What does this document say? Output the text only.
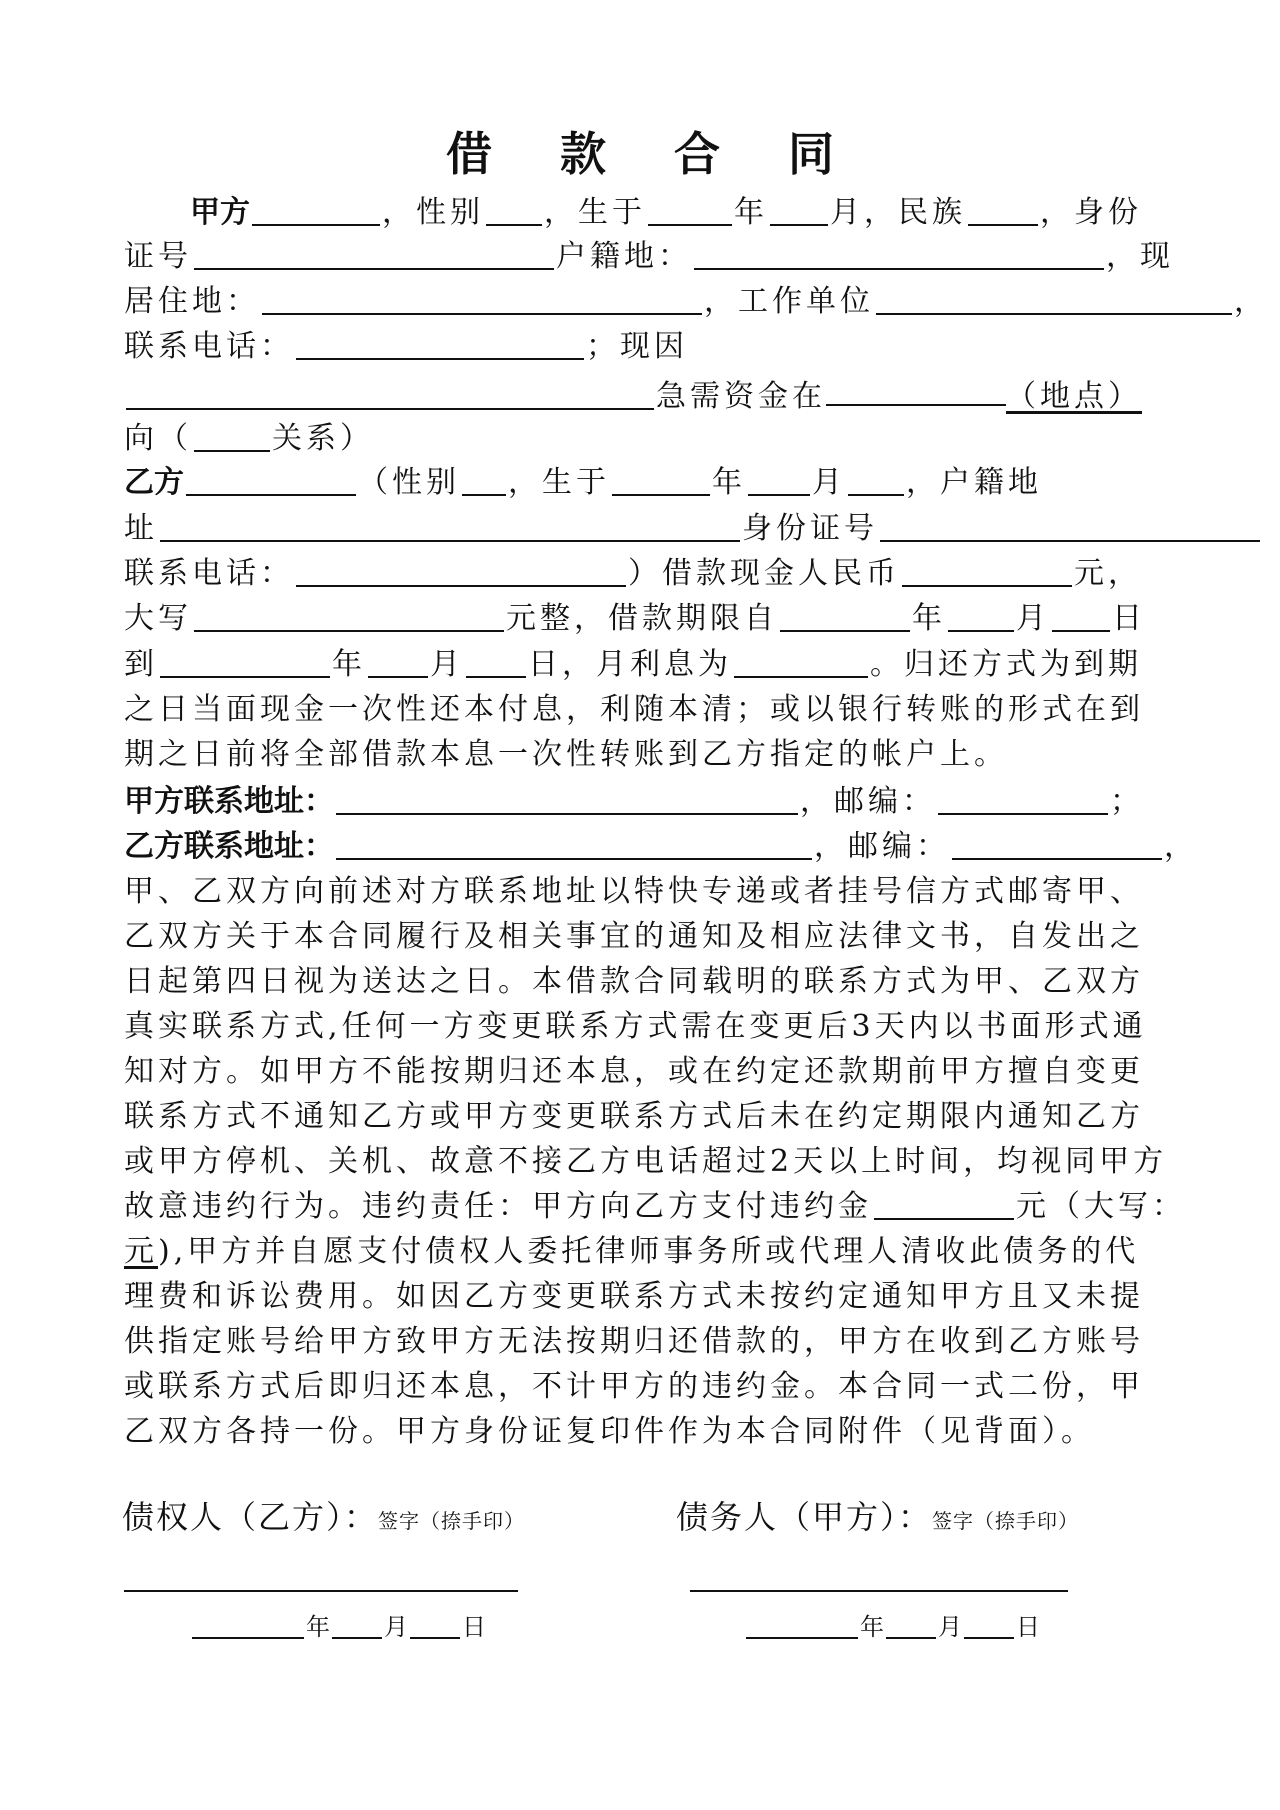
借 款 合 同
甲方	，性别 ，生于	年 月，民族 ，身份
证号	户籍地：	，现
居住地：	，工作单位	，
联系电话：	；现因
急需资金在	（地点）
向（	关系）
乙方	（性别 ，生于	年 月 ，户籍地
址	身份证号
联系电话：	）借款现金人民币	元，
大写	元整，借款期限自	年 月 日
到	年 月 日，月利息为	。归还方式为到期
之日当面现金一次性还本付息，利随本清；或以银行转账的形式在到
期之日前将全部借款本息一次性转账到乙方指定的帐户上。
甲方联系地址：	，邮编：	；
乙方联系地址：	，邮编：	，
甲、乙双方向前述对方联系地址以特快专递或者挂号信方式邮寄甲、
乙双方关于本合同履行及相关事宜的通知及相应法律文书，自发出之
日起第四日视为送达之日。本借款合同载明的联系方式为甲、乙双方
真实联系方式,任何一方变更联系方式需在变更后3天内以书面形式通
知对方。如甲方不能按期归还本息，或在约定还款期前甲方擅自变更
联系方式不通知乙方或甲方变更联系方式后未在约定期限内通知乙方
或甲方停机、关机、故意不接乙方电话超过2天以上时间，均视同甲方
故意违约行为。违约责任：甲方向乙方支付违约金	元（大写：
元),甲方并自愿支付债权人委托律师事务所或代理人清收此债务的代
理费和诉讼费用。如因乙方变更联系方式未按约定通知甲方且又未提
供指定账号给甲方致甲方无法按期归还借款的，甲方在收到乙方账号
或联系方式后即归还本息，不计甲方的违约金。本合同一式二份，甲
乙双方各持一份。甲方身份证复印件作为本合同附件（见背面）。
债权人（乙方）：签字（捺手印）	债务人（甲方）：签字（捺手印）
年 月 日	年 月 日
